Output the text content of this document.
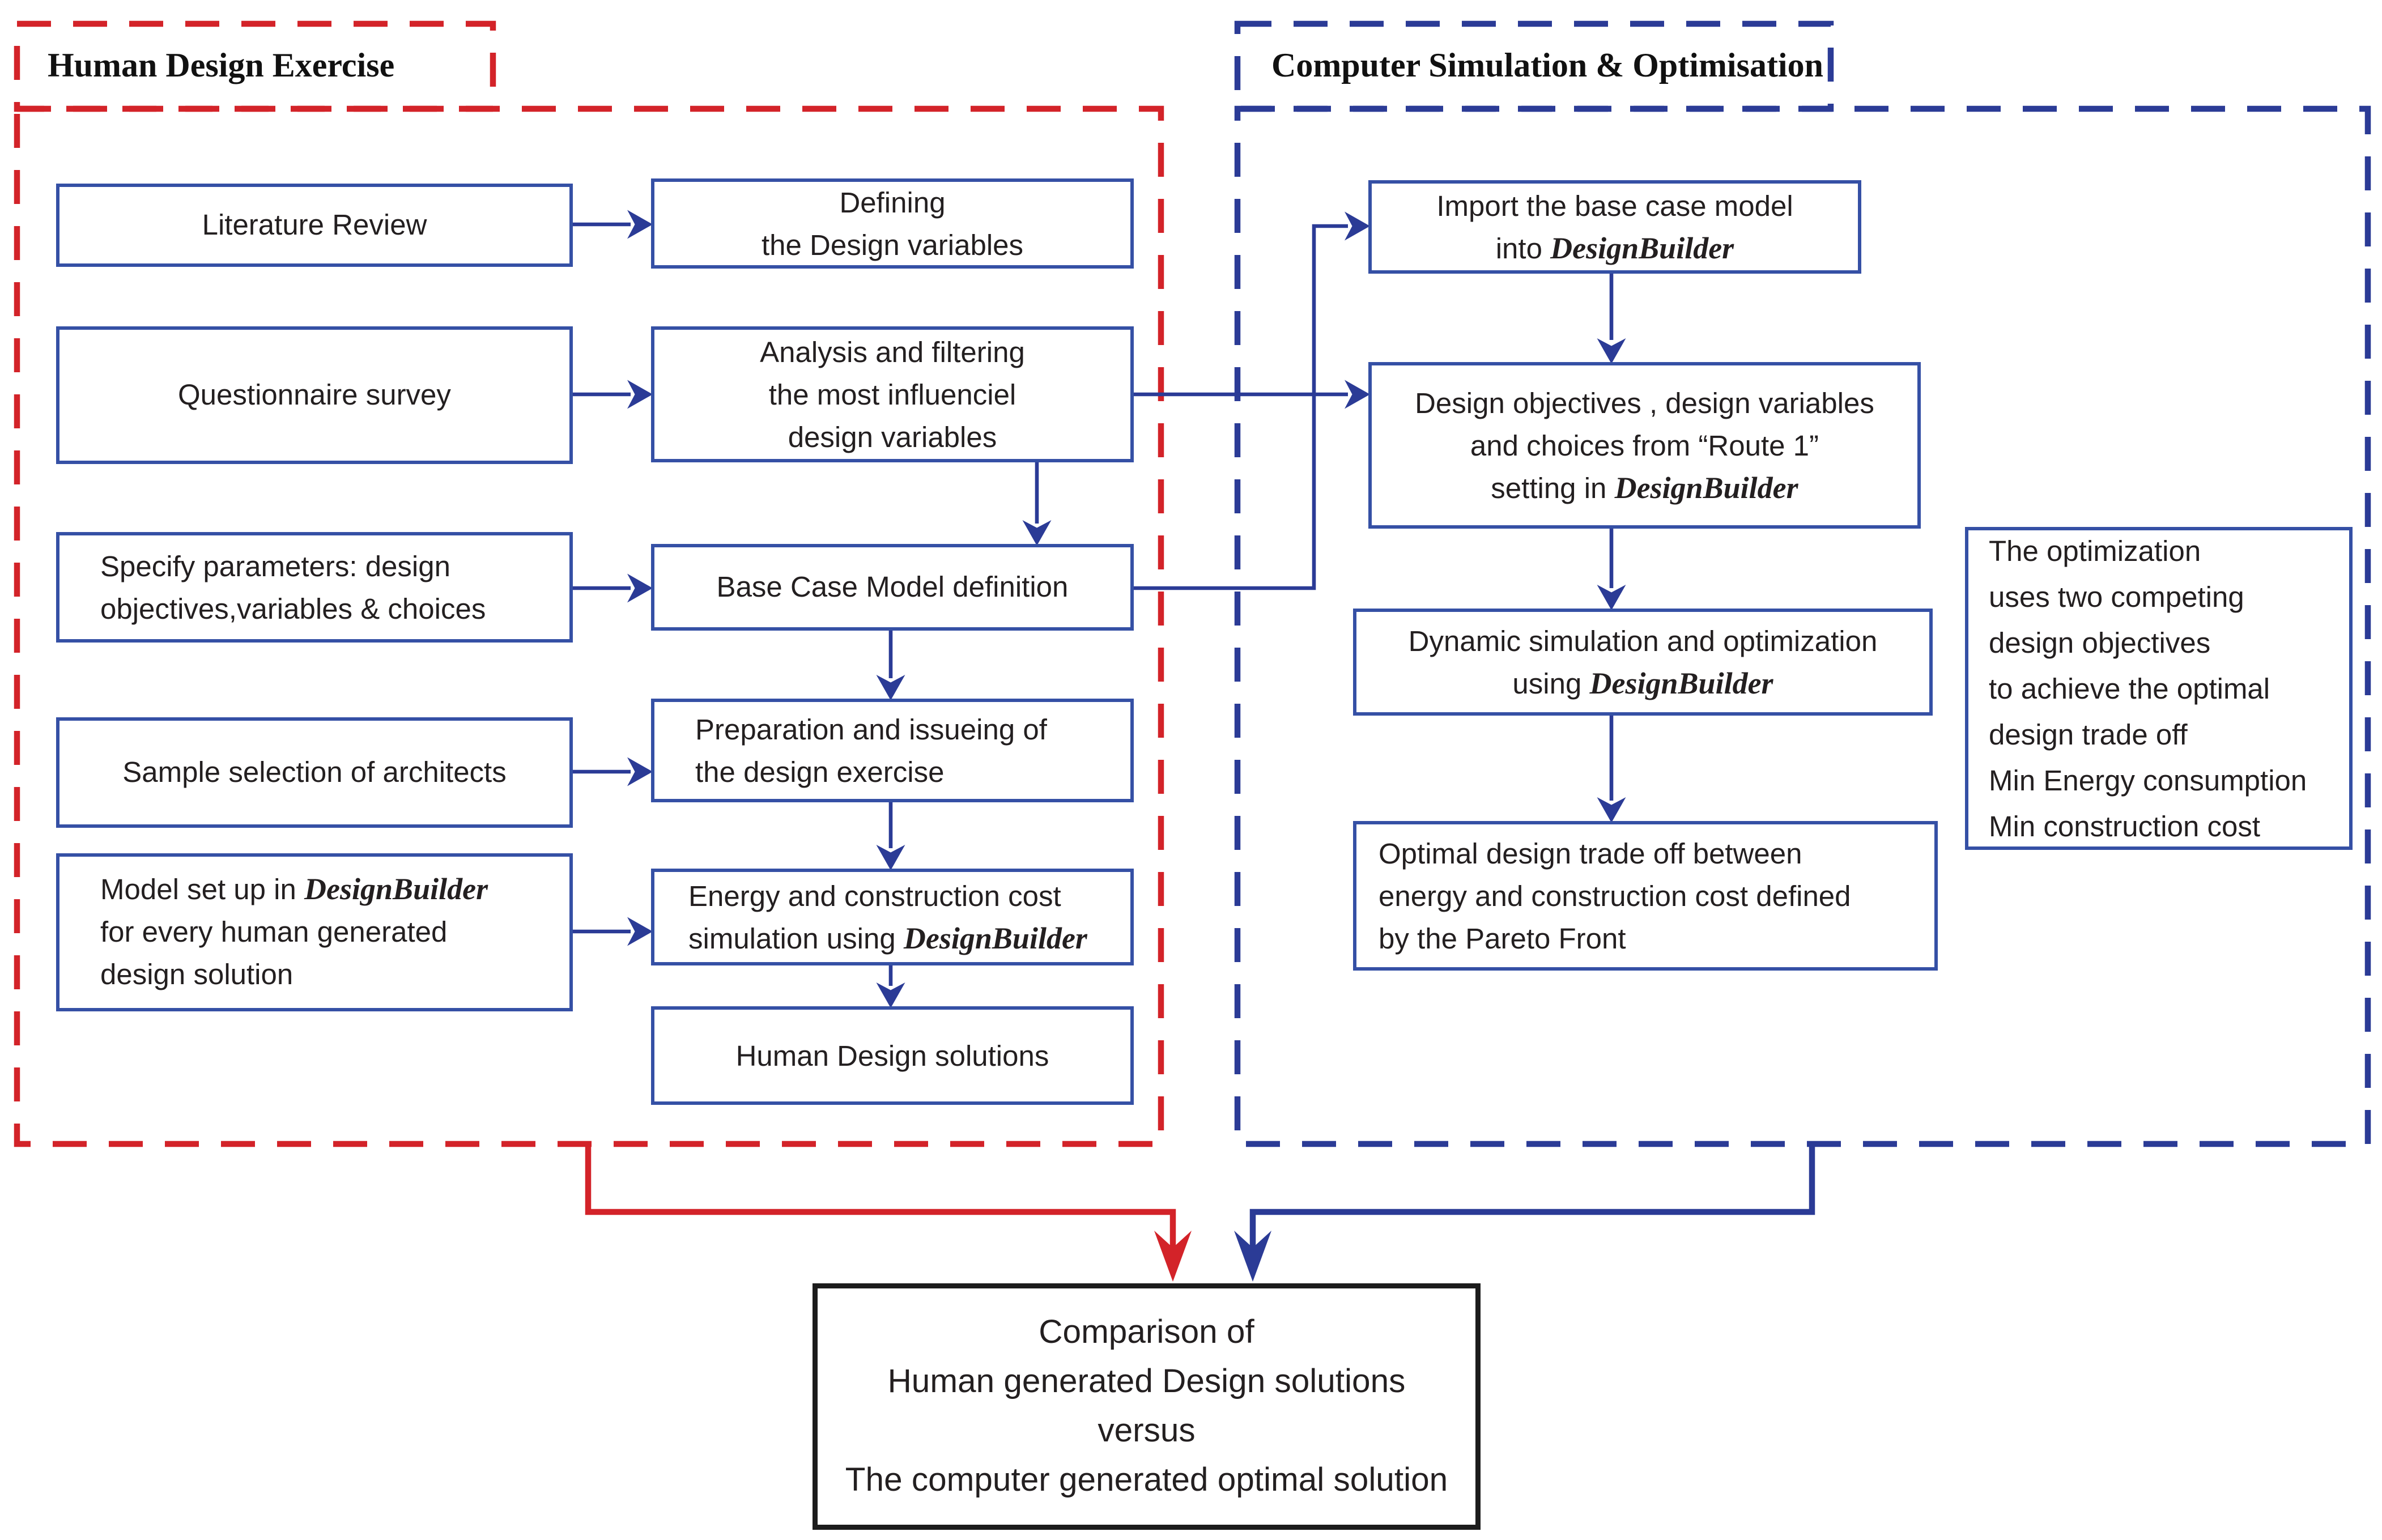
Human Design Exercise	Computer Simulation & Optimisation
Literature Review
Questionnaire survey
Specify parameters: design
objectives,variables & choices
Sample selection of architects
Model set up in DesignBuilder
for every human generated
design solution
Defining
the Design variables
Analysis and filtering
the most influenciel
design variables
Base Case Model definition
Preparation and issueing of
the design exercise
Energy and construction cost
simulation using DesignBuilder
Human Design solutions
Import the base case model
into DesignBuilder
Design objectives , design variables
and choices from “Route 1”
setting in DesignBuilder
Dynamic simulation and optimization
using DesignBuilder
Optimal design trade off between
energy and construction cost defined
by the Pareto Front
The optimization
uses two competing
design objectives
to achieve the optimal
design trade off
Min Energy consumption
Min construction cost
Comparison of
Human generated Design solutions
versus
The computer generated optimal solution
